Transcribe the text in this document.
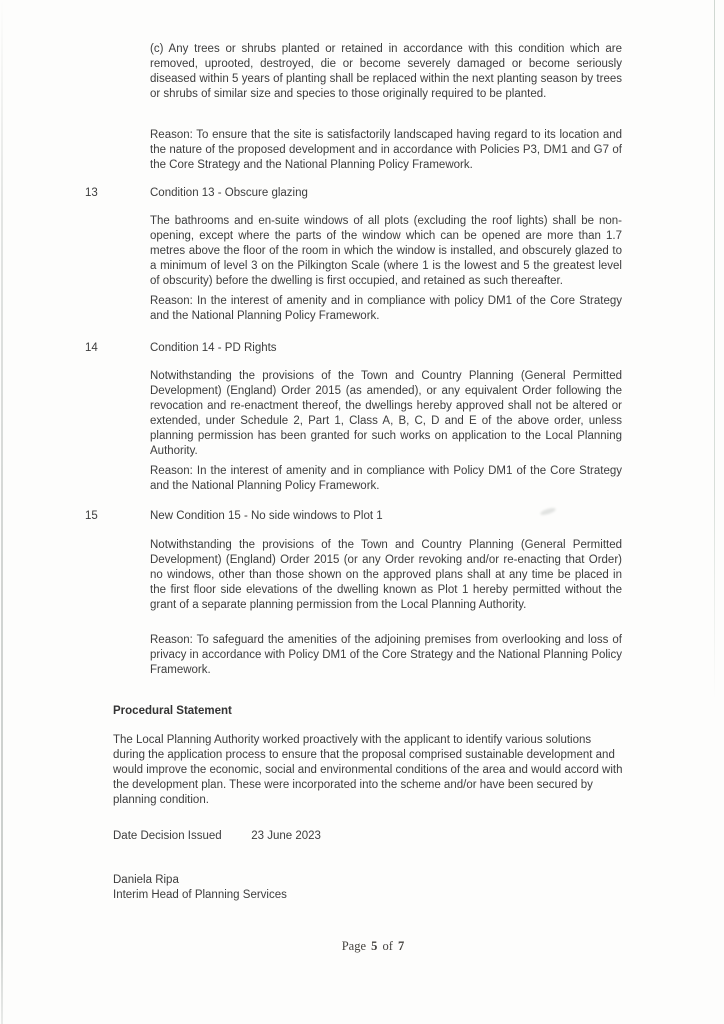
(c) Any trees or shrubs planted or retained in accordance with this condition which are removed, uprooted, destroyed, die or become severely damaged or become seriously diseased within 5 years of planting shall be replaced within the next planting season by trees or shrubs of similar size and species to those originally required to be planted.

Reason: To ensure that the site is satisfactorily landscaped having regard to its location and the nature of the proposed development and in accordance with Policies P3, DM1 and G7 of the Core Strategy and the National Planning Policy Framework.

13	Condition 13 - Obscure glazing

The bathrooms and en-suite windows of all plots (excluding the roof lights) shall be non-opening, except where the parts of the window which can be opened are more than 1.7 metres above the floor of the room in which the window is installed, and obscurely glazed to a minimum of level 3 on the Pilkington Scale (where 1 is the lowest and 5 the greatest level of obscurity) before the dwelling is first occupied, and retained as such thereafter.

Reason: In the interest of amenity and in compliance with policy DM1 of the Core Strategy and the National Planning Policy Framework.

14	Condition 14 - PD Rights

Notwithstanding the provisions of the Town and Country Planning (General Permitted Development) (England) Order 2015 (as amended), or any equivalent Order following the revocation and re-enactment thereof, the dwellings hereby approved shall not be altered or extended, under Schedule 2, Part 1, Class A, B, C, D and E of the above order, unless planning permission has been granted for such works on application to the Local Planning Authority.

Reason: In the interest of amenity and in compliance with Policy DM1 of the Core Strategy and the National Planning Policy Framework.

15	New Condition 15 - No side windows to Plot 1

Notwithstanding the provisions of the Town and Country Planning (General Permitted Development) (England) Order 2015 (or any Order revoking and/or re-enacting that Order) no windows, other than those shown on the approved plans shall at any time be placed in the first floor side elevations of the dwelling known as Plot 1 hereby permitted without the grant of a separate planning permission from the Local Planning Authority.

Reason: To safeguard the amenities of the adjoining premises from overlooking and loss of privacy in accordance with Policy DM1 of the Core Strategy and the National Planning Policy Framework.

Procedural Statement

The Local Planning Authority worked proactively with the applicant to identify various solutions during the application process to ensure that the proposal comprised sustainable development and would improve the economic, social and environmental conditions of the area and would accord with the development plan. These were incorporated into the scheme and/or have been secured by planning condition.

Date Decision Issued	23 June 2023
Daniela Ripa
Interim Head of Planning Services
Page 5 of 7
